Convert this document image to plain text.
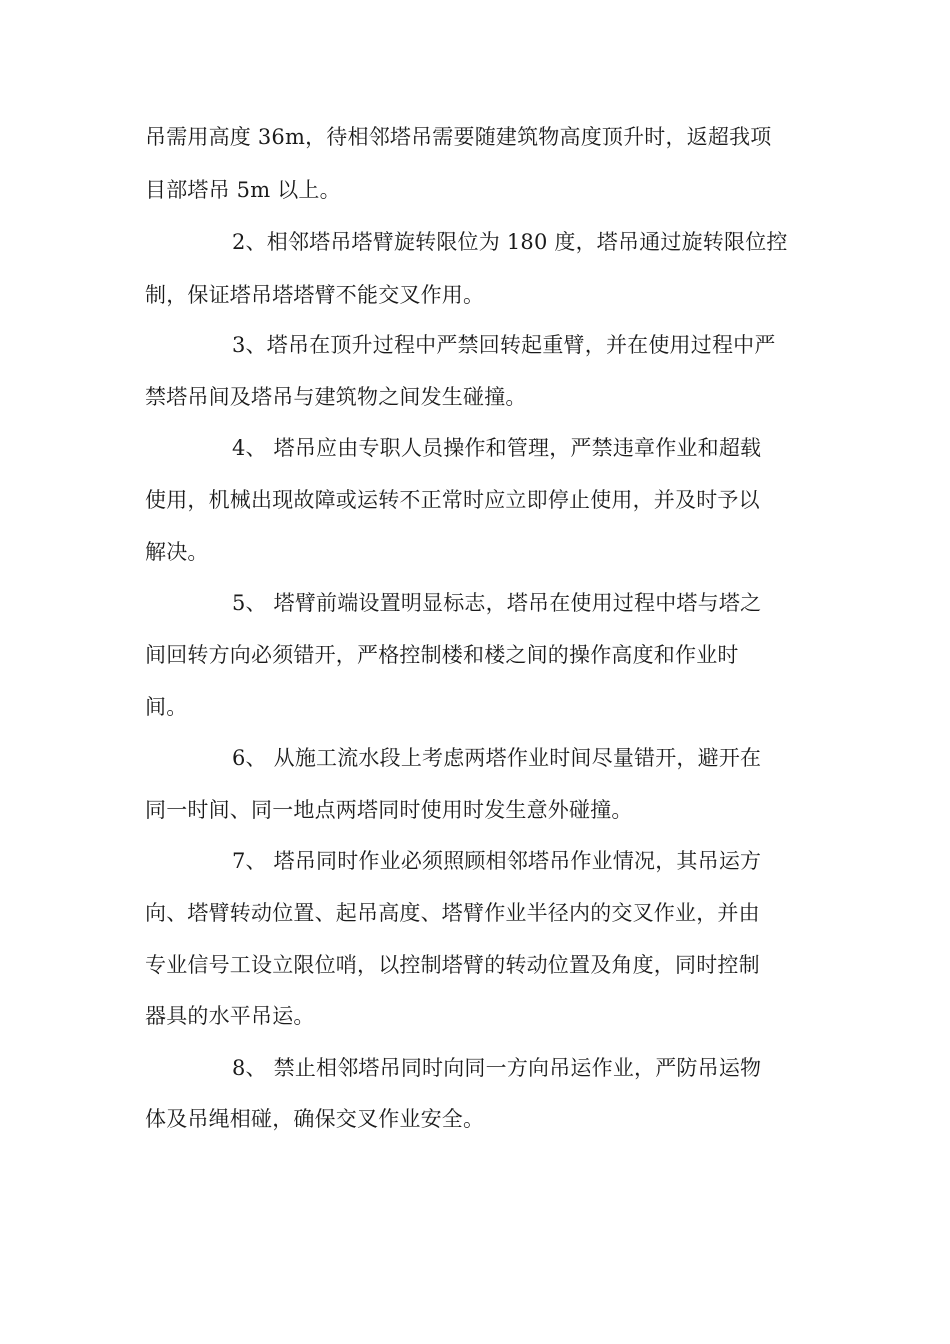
吊需用高度 36m，待相邻塔吊需要随建筑物高度顶升时，返超我项
目部塔吊 5m 以上。
2、相邻塔吊塔臂旋转限位为 180 度，塔吊通过旋转限位控
制，保证塔吊塔塔臂不能交叉作用。
3、塔吊在顶升过程中严禁回转起重臂，并在使用过程中严
禁塔吊间及塔吊与建筑物之间发生碰撞。
4、 塔吊应由专职人员操作和管理，严禁违章作业和超载
使用，机械出现故障或运转不正常时应立即停止使用，并及时予以
解决。
5、 塔臂前端设置明显标志，塔吊在使用过程中塔与塔之
间回转方向必须错开，严格控制楼和楼之间的操作高度和作业时
间。
6、 从施工流水段上考虑两塔作业时间尽量错开，避开在
同一时间、同一地点两塔同时使用时发生意外碰撞。
7、 塔吊同时作业必须照顾相邻塔吊作业情况，其吊运方
向、塔臂转动位置、起吊高度、塔臂作业半径内的交叉作业，并由
专业信号工设立限位哨，以控制塔臂的转动位置及角度，同时控制
器具的水平吊运。
8、 禁止相邻塔吊同时向同一方向吊运作业，严防吊运物
体及吊绳相碰，确保交叉作业安全。
